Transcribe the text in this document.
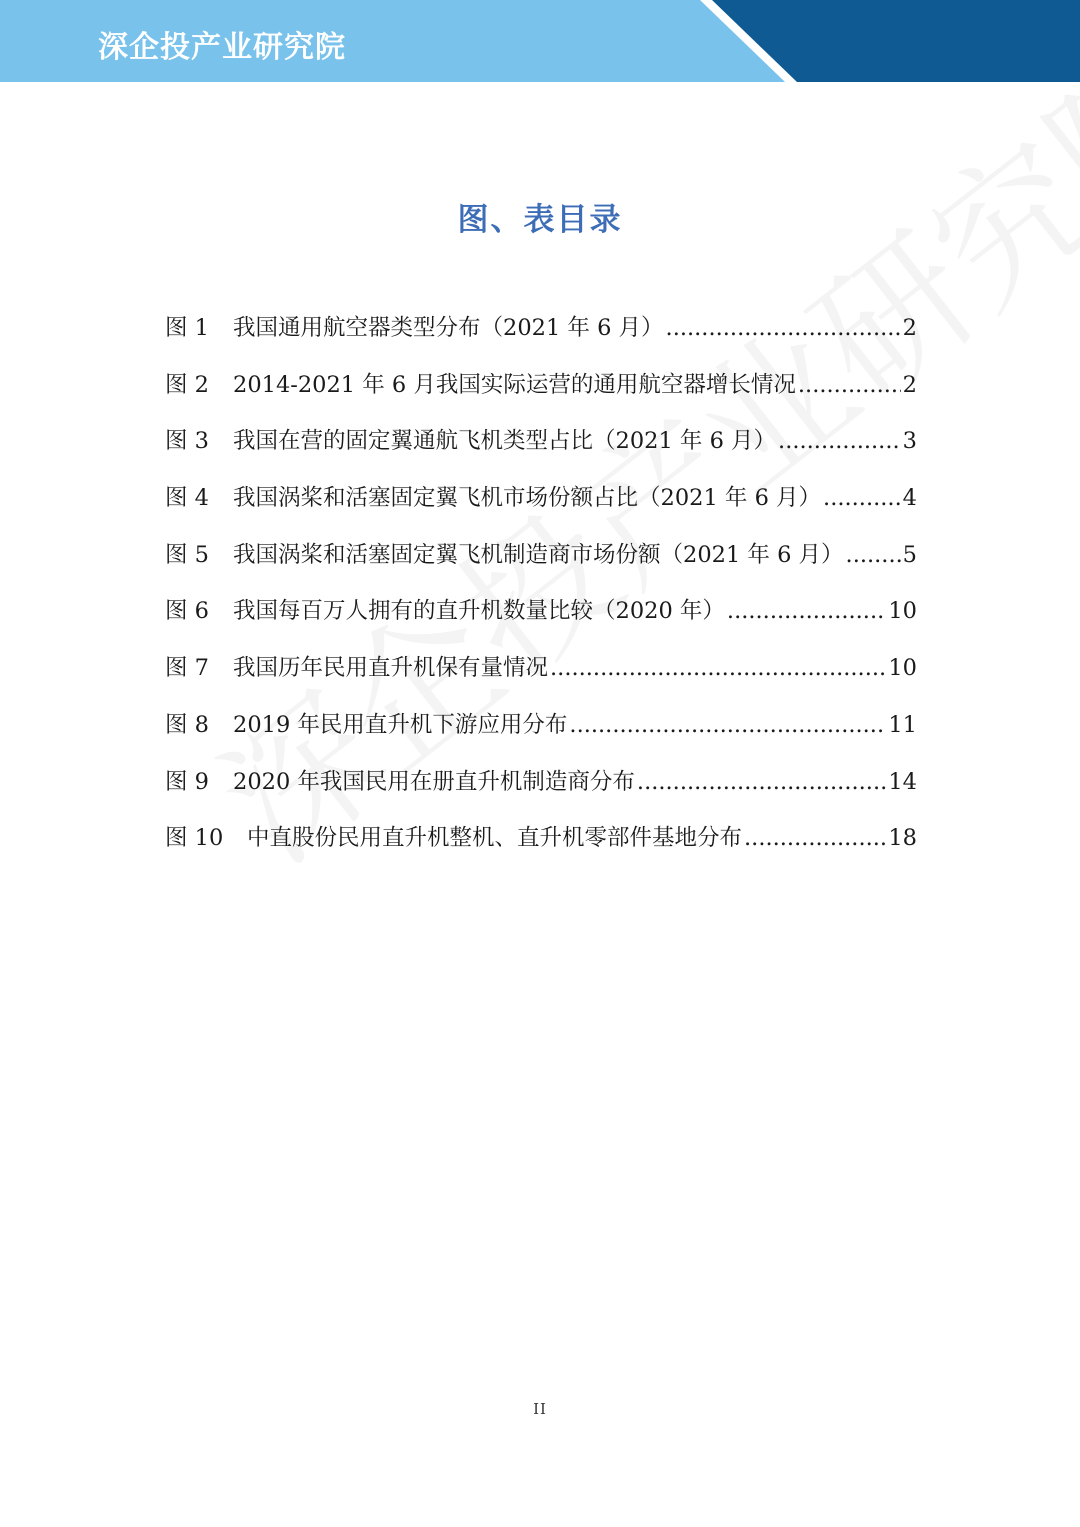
深企投产业研究院
图、表目录
图 1	我国通用航空器类型分布（2021 年 6 月） .....	2
图 2	2014-2021 年 6 月我国实际运营的通用航空器增长情况 .....	2
图 3	我国在营的固定翼通航飞机类型占比（2021 年 6 月） .....	3
图 4	我国涡桨和活塞固定翼飞机市场份额占比（2021 年 6 月） .....	4
图 5	我国涡桨和活塞固定翼飞机制造商市场份额（2021 年 6 月） .....	5
图 6	我国每百万人拥有的直升机数量比较（2020 年） .....	10
图 7	我国历年民用直升机保有量情况 .....	10
图 8	2019 年民用直升机下游应用分布 .....	11
图 9	2020 年我国民用在册直升机制造商分布 .....	14
图 10	中直股份民用直升机整机、直升机零部件基地分布 .....	18
II
